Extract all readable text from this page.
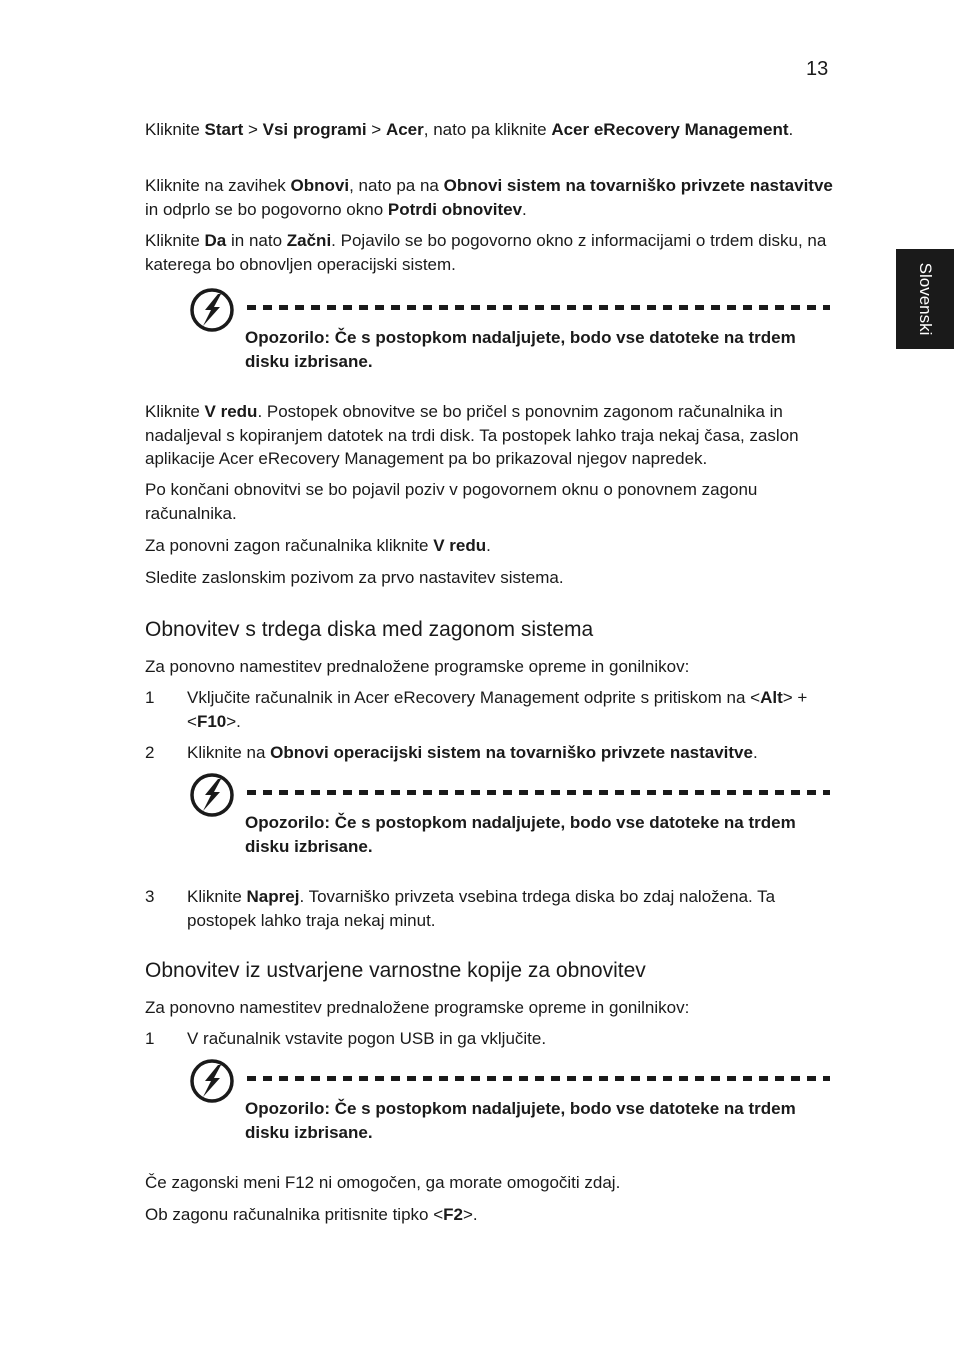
13
Slovenski

Kliknite Start > Vsi programi > Acer, nato pa kliknite Acer eRecovery Management.

Kliknite na zavihek Obnovi, nato pa na Obnovi sistem na tovarniško privzete nastavitve in odprlo se bo pogovorno okno Potrdi obnovitev.

Kliknite Da in nato Začni. Pojavilo se bo pogovorno okno z informacijami o trdem disku, na katerega bo obnovljen operacijski sistem.

Opozorilo: Če s postopkom nadaljujete, bodo vse datoteke na trdem disku izbrisane.

Kliknite V redu. Postopek obnovitve se bo pričel s ponovnim zagonom računalnika in nadaljeval s kopiranjem datotek na trdi disk. Ta postopek lahko traja nekaj časa, zaslon aplikacije Acer eRecovery Management pa bo prikazoval njegov napredek.

Po končani obnovitvi se bo pojavil poziv v pogovornem oknu o ponovnem zagonu računalnika.

Za ponovni zagon računalnika kliknite V redu.

Sledite zaslonskim pozivom za prvo nastavitev sistema.

Obnovitev s trdega diska med zagonom sistema

Za ponovno namestitev prednaložene programske opreme in gonilnikov:

1 Vključite računalnik in Acer eRecovery Management odprite s pritiskom na <Alt> + <F10>.
2 Kliknite na Obnovi operacijski sistem na tovarniško privzete nastavitve.
Opozorilo: Če s postopkom nadaljujete, bodo vse datoteke na trdem disku izbrisane.
3 Kliknite Naprej. Tovarniško privzeta vsebina trdega diska bo zdaj naložena. Ta postopek lahko traja nekaj minut.
Obnovitev iz ustvarjene varnostne kopije za obnovitev

Za ponovno namestitev prednaložene programske opreme in gonilnikov:

1 V računalnik vstavite pogon USB in ga vključite.
Opozorilo: Če s postopkom nadaljujete, bodo vse datoteke na trdem disku izbrisane.

Če zagonski meni F12 ni omogočen, ga morate omogočiti zdaj.

Ob zagonu računalnika pritisnite tipko <F2>.
